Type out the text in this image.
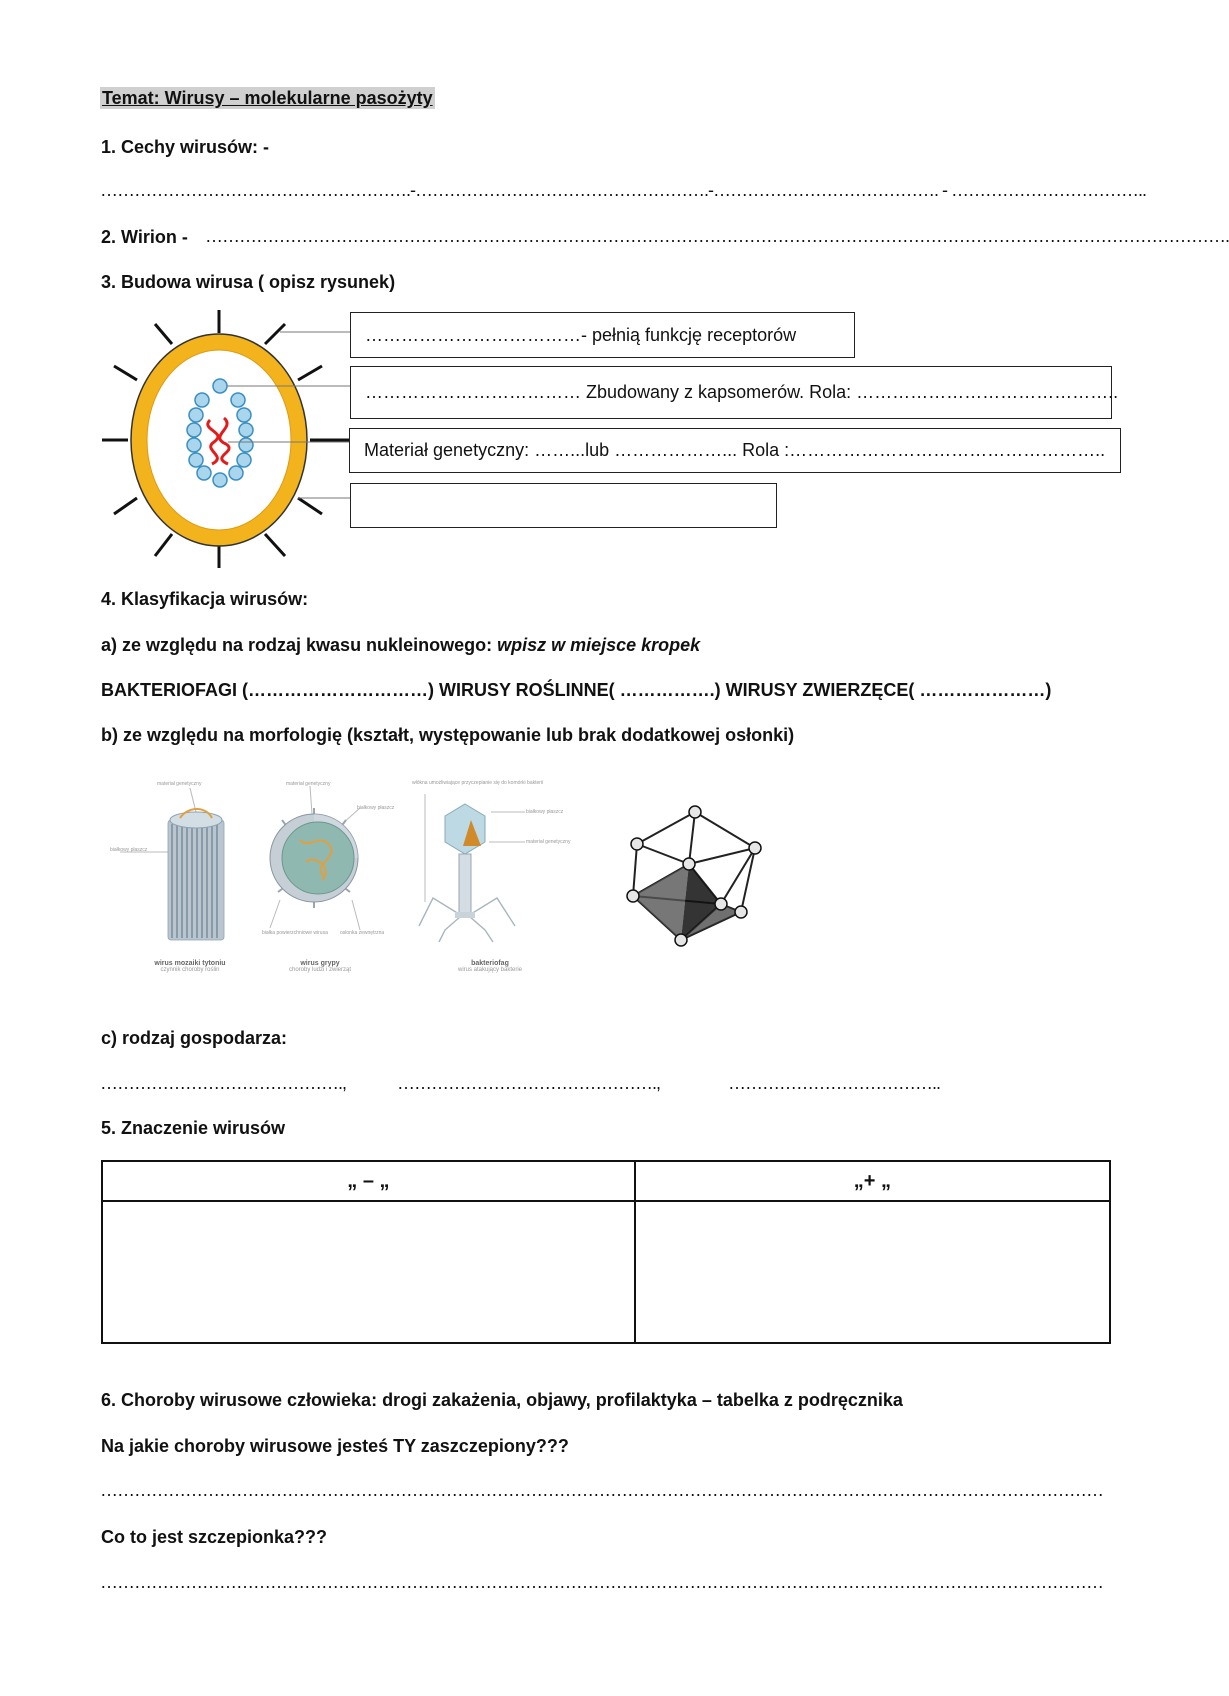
Temat: Wirusy – molekularne pasożyty
1. Cechy wirusów: -
……………………………………………….-…………………………………………….-…………………………………. - ……………………………..
2. Wirion - ……………………………………………………………………………………………………………………………………………………………….
3. Budowa wirusa ( opisz rysunek)
………………………………- pełnią funkcję receptorów
……………………………… Zbudowany z kapsomerów. Rola: ……………………………………..
Materiał genetyczny: ……...lub ………………... Rola :……………………………………………..
4. Klasyfikacja wirusów:
a) ze względu na rodzaj kwasu nukleinowego: wpisz w miejsce kropek
BAKTERIOFAGI (…………………………) WIRUSY ROŚLINNE( …………….) WIRUSY ZWIERZĘCE( …………………)
b) ze względu na morfologię (kształt, występowanie lub brak dodatkowej osłonki)
materiał genetyczny
białkowy płaszcz
wirus mozaiki tytoniu
czynnik choroby roślin
materiał genetyczny
białkowy płaszcz
białka powierzchniowe wirusa osłonka zewnętrzna
wirus grypy
choroby ludzi i zwierząt
włókna umożliwiające przyczepianie się do komórki bakterii
białkowy płaszcz
materiał genetyczny
bakteriofag
wirus atakujący bakterie
c) rodzaj gospodarza:
…………………………………….,	……………………………………….,	………………………………..
5. Znaczenie wirusów
„ – „	„+ „

6. Choroby wirusowe człowieka: drogi zakażenia, objawy, profilaktyka – tabelka z podręcznika
Na jakie choroby wirusowe jesteś TY zaszczepiony???
……………………………………………………………………………………………………………………………………………………………
Co to jest szczepionka???
……………………………………………………………………………………………………………………………………………………………
